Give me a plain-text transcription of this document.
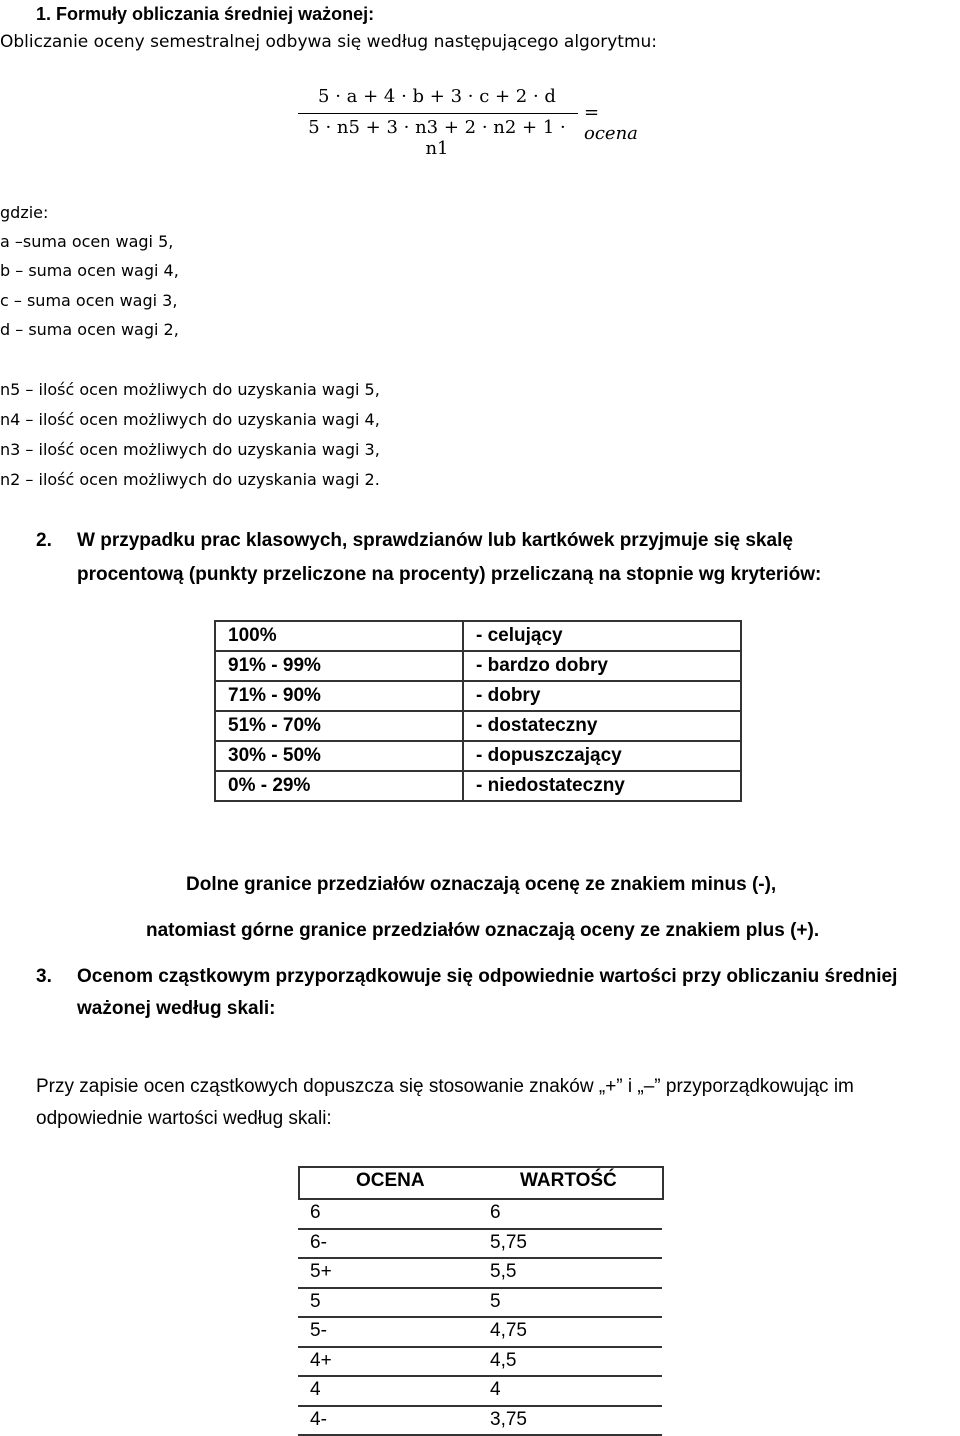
1. Formuły obliczania średniej ważonej:
Obliczanie oceny semestralnej odbywa się według następującego algorytmu:
5 · a + 4 · b + 3 · c + 2 · d
5 · n5 + 3 · n3 + 2 · n2 + 1 · n1
= ocena
gdzie:
a –suma ocen wagi 5,
b – suma ocen wagi 4,
c – suma ocen wagi 3,
d – suma ocen wagi 2,
n5 – ilość ocen możliwych do uzyskania wagi 5,
n4 – ilość ocen możliwych do uzyskania wagi 4,
n3 – ilość ocen możliwych do uzyskania wagi 3,
n2 – ilość ocen możliwych do uzyskania wagi 2.
2. W przypadku prac klasowych, sprawdzianów lub kartkówek przyjmuje się skalę
procentową (punkty przeliczone na procenty) przeliczaną na stopnie wg kryteriów:
100%	- celujący
91% - 99%	- bardzo dobry
71% - 90%	- dobry
51% - 70%	- dostateczny
30% - 50%	- dopuszczający
0% - 29%	- niedostateczny
Dolne granice przedziałów oznaczają ocenę ze znakiem minus (-),
natomiast górne granice przedziałów oznaczają oceny ze znakiem plus (+).
3. Ocenom cząstkowym przyporządkowuje się odpowiednie wartości przy obliczaniu średniej
ważonej według skali:
Przy zapisie ocen cząstkowych dopuszcza się stosowanie znaków „+” i „–” przyporządkowując im
odpowiednie wartości według skali:
OCENA	WARTOŚĆ
6	6
6-	5,75
5+	5,5
5	5
5-	4,75
4+	4,5
4	4
4-	3,75
